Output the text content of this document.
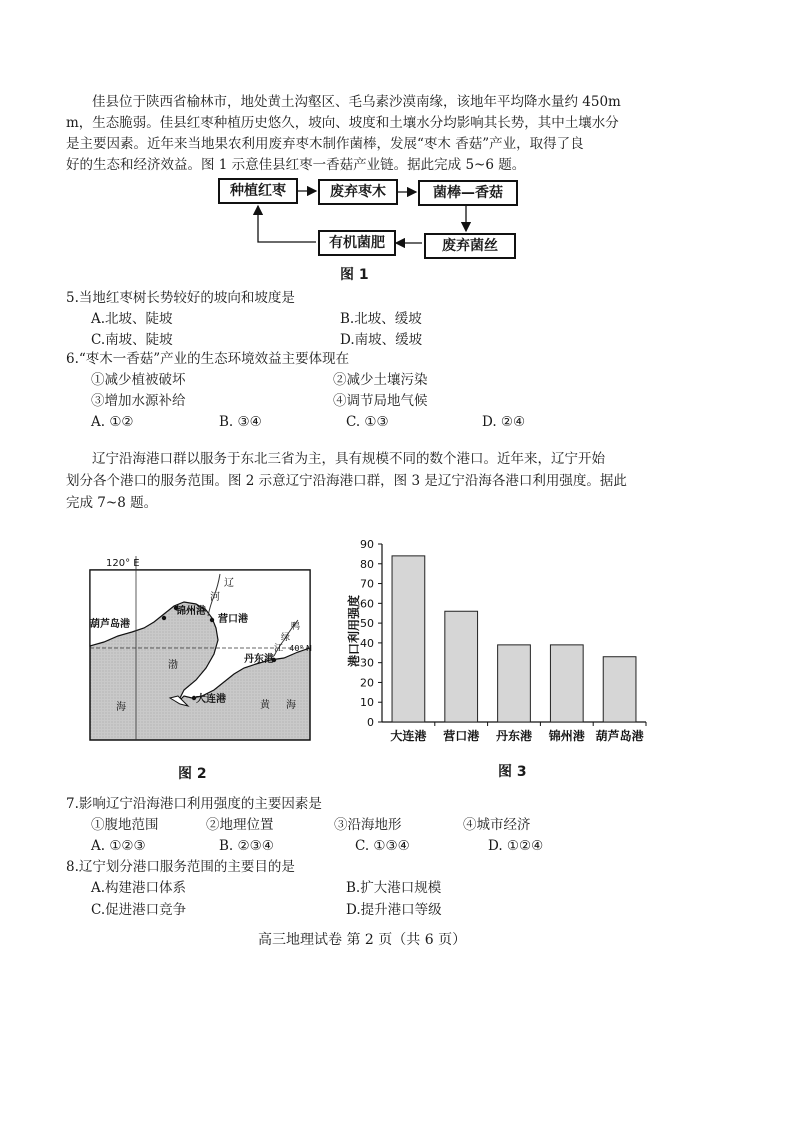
佳县位于陕西省榆林市，地处黄土沟壑区、毛乌素沙漠南缘，该地年平均降水量约 450m
m，生态脆弱。佳县红枣种植历史悠久，坡向、坡度和土壤水分均影响其长势，其中土壤水分
是主要因素。近年来当地果农利用废弃枣木制作菌棒，发展“枣木 香菇”产业，取得了良
好的生态和经济效益。图 1 示意佳县红枣一香菇产业链。据此完成 5~6 题。
种植红枣	废弃枣木	菌棒—香菇
废弃菌丝
有机菌肥
图 1
5.当地红枣树长势较好的坡向和坡度是
A.北坡、陡坡	B.北坡、缓坡
C.南坡、陡坡	D.南坡、缓坡
6.“枣木一香菇”产业的生态环境效益主要体现在
①减少植被破坏	②减少土壤污染
③增加水源补给	④调节局地气候
A. ①②	B. ③④	C. ①③	D. ②④
辽宁沿海港口群以服务于东北三省为主，具有规模不同的数个港口。近年来，辽宁开始
划分各个港口的服务范围。图 2 示意辽宁沿海港口群，图 3 是辽宁沿海各港口利用强度。据此
完成 7~8 题。
120° E
40° N
辽
河
鸭
绿
江
葫芦岛港
锦州港
营口港
丹东港
大连港
渤
海	黄 海
图 2
0
10
20
30
40
50
60
70
80
90
大连港 营口港 丹东港 锦州港 葫芦岛港
港口利用强度
图 3
7.影响辽宁沿海港口利用强度的主要因素是
①腹地范围	②地理位置	③沿海地形	④城市经济
A. ①②③	B. ②③④	C. ①③④	D. ①②④
8.辽宁划分港口服务范围的主要目的是
A.构建港口体系	B.扩大港口规模
C.促进港口竞争	D.提升港口等级
高三地理试卷 第 2 页（共 6 页）
